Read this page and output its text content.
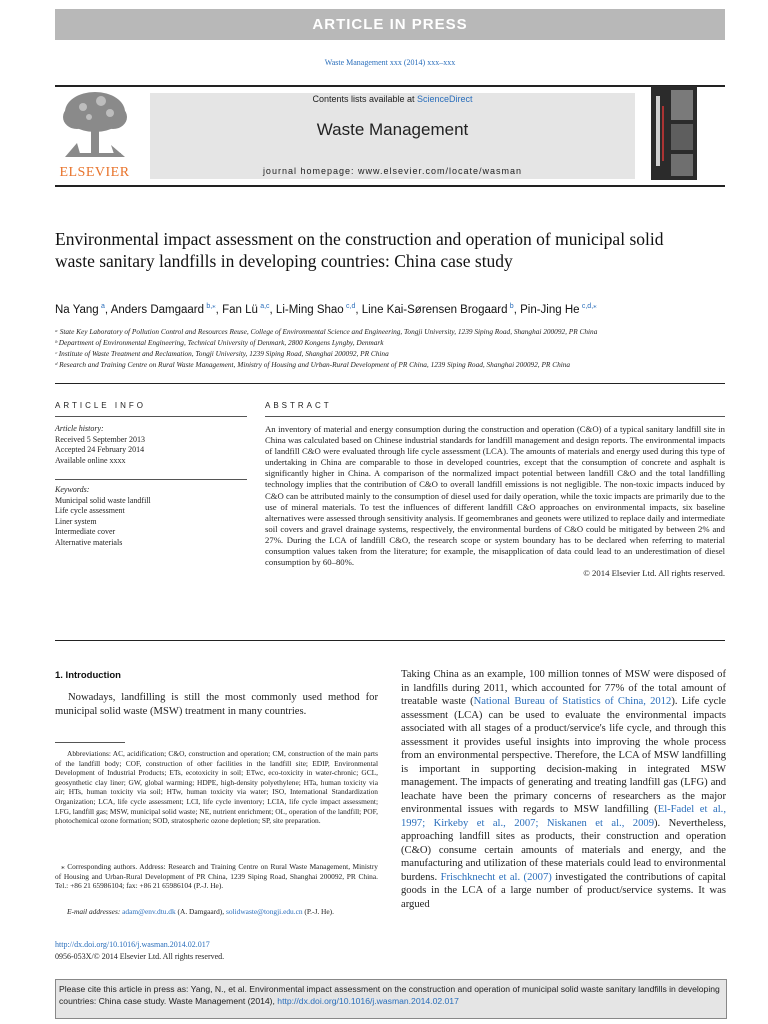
ARTICLE IN PRESS
Waste Management xxx (2014) xxx–xxx
ELSEVIER
Contents lists available at ScienceDirect
Waste Management
journal homepage: www.elsevier.com/locate/wasman
Environmental impact assessment on the construction and operation of municipal solid waste sanitary landfills in developing countries: China case study
Na Yang  $^a$, Anders Damgaard  $^{b,⁎}$, Fan Lü  $^{a,c}$, Li-Ming Shao  $^{c,d}$, Line Kai-Sørensen Brogaard  $^b$, Pin-Jing He  $^{c,d,⁎}$
ᵃ State Key Laboratory of Pollution Control and Resources Reuse, College of Environmental Science and Engineering, Tongji University, 1239 Siping Road, Shanghai 200092, PR China
ᵇ Department of Environmental Engineering, Technical University of Denmark, 2800 Kongens Lyngby, Denmark
ᶜ Institute of Waste Treatment and Reclamation, Tongji University, 1239 Siping Road, Shanghai 200092, PR China
ᵈ Research and Training Centre on Rural Waste Management, Ministry of Housing and Urban-Rural Development of PR China, 1239 Siping Road, Shanghai 200092, PR China
ARTICLE INFO
Article history:
Received 5 September 2013
Accepted 24 February 2014
Available online xxxx
Keywords:
Municipal solid waste landfill
Life cycle assessment
Liner system
Intermediate cover
Alternative materials
ABSTRACT
An inventory of material and energy consumption during the construction and operation (C&O) of a typical sanitary landfill site in China was calculated based on Chinese industrial standards for landfill management and design reports. The environmental impacts of landfill C&O were evaluated through life cycle assessment (LCA). The amounts of materials and energy used during this type of undertaking in China are comparable to those in developed countries, except that the consumption of concrete and asphalt is significantly higher in China. A comparison of the normalized impact potential between landfill C&O and the total landfilling technology implies that the contribution of C&O to overall landfill emissions is not negligible. The non-toxic impacts induced by C&O can be attributed mainly to the consumption of diesel used for daily operation, while the toxic impacts are primarily due to the use of mineral materials. To test the influences of different landfill C&O approaches on environmental impacts, six baseline alternatives were assessed through sensitivity analysis. If geomembranes and geonets were utilized to replace daily and intermediate soil covers and gravel drainage systems, respectively, the environmental burdens of C&O could be mitigated by between 2% and 27%. During the LCA of landfill C&O, the research scope or system boundary has to be declared when referring to material consumption values taken from the literature; for example, the misapplication of data could lead to an underestimation of diesel consumption by 60–80%.
© 2014 Elsevier Ltd. All rights reserved.
1. Introduction
Nowadays, landfilling is still the most commonly used method for municipal solid waste (MSW) treatment in many countries.
Abbreviations: AC, acidification; C&O, construction and operation; CM, construction of the main parts of the landfill body; COF, construction of other facilities in the landfill site; EDIP, Environmental Development of Industrial Products; ETs, ecotoxicity in soil; ETwc, eco-toxicity in water-chronic; GCL, geosynthetic clay liner; GW, global warming; HDPE, high-density polyethylene; HTa, human toxicity via air; HTs, human toxicity via soil; HTw, human toxicity via water; ISO, International Standardization Organization; LCA, life cycle assessment; LCI, life cycle inventory; LCIA, life cycle impact assessment; LFG, landfill gas; MSW, municipal solid waste; NE, nutrient enrichment; OL, operation of the landfill; POF, photochemical ozone formation; SOD, stratospheric ozone depletion; SP, site preparation.
⁎ Corresponding authors. Address: Research and Training Centre on Rural Waste Management, Ministry of Housing and Urban-Rural Development of PR China, 1239 Siping Road, Shanghai 200092, PR China. Tel.: +86 21 65986104; fax: +86 21 65986104 (P.-J. He).
E-mail addresses: adam@env.dtu.dk (A. Damgaard), solidwaste@tongji.edu.cn (P.-J. He).
http://dx.doi.org/10.1016/j.wasman.2014.02.017
0956-053X/© 2014 Elsevier Ltd. All rights reserved.
Taking China as an example, 100 million tonnes of MSW were disposed of in landfills during 2011, which accounted for 77% of the total amount of treatable waste (National Bureau of Statistics of China, 2012). Life cycle assessment (LCA) can be used to evaluate the environmental impacts associated with all stages of a product/service's life cycle, and through this assessment it provides useful insights into improving the whole process from an environmental perspective. Therefore, the LCA of MSW landfilling is important in supporting decision-making in integrated MSW management. The impacts of generating and treating landfill gas (LFG) and leachate have been the primary concerns of researchers as the major environmental issues with regards to MSW landfilling (El-Fadel et al., 1997; Kirkeby et al., 2007; Niskanen et al., 2009). Nevertheless, approaching landfill sites as products, their construction and operation (C&O) consume certain amounts of materials and energy, and the manufacturing and utilization of these materials could lead to environmental burdens. Frischknecht et al. (2007) investigated the contributions of capital goods in the LCA of a large number of product/service systems. It was argued
Please cite this article in press as: Yang, N., et al. Environmental impact assessment on the construction and operation of municipal solid waste sanitary landfills in developing countries: China case study. Waste Management (2014), http://dx.doi.org/10.1016/j.wasman.2014.02.017
